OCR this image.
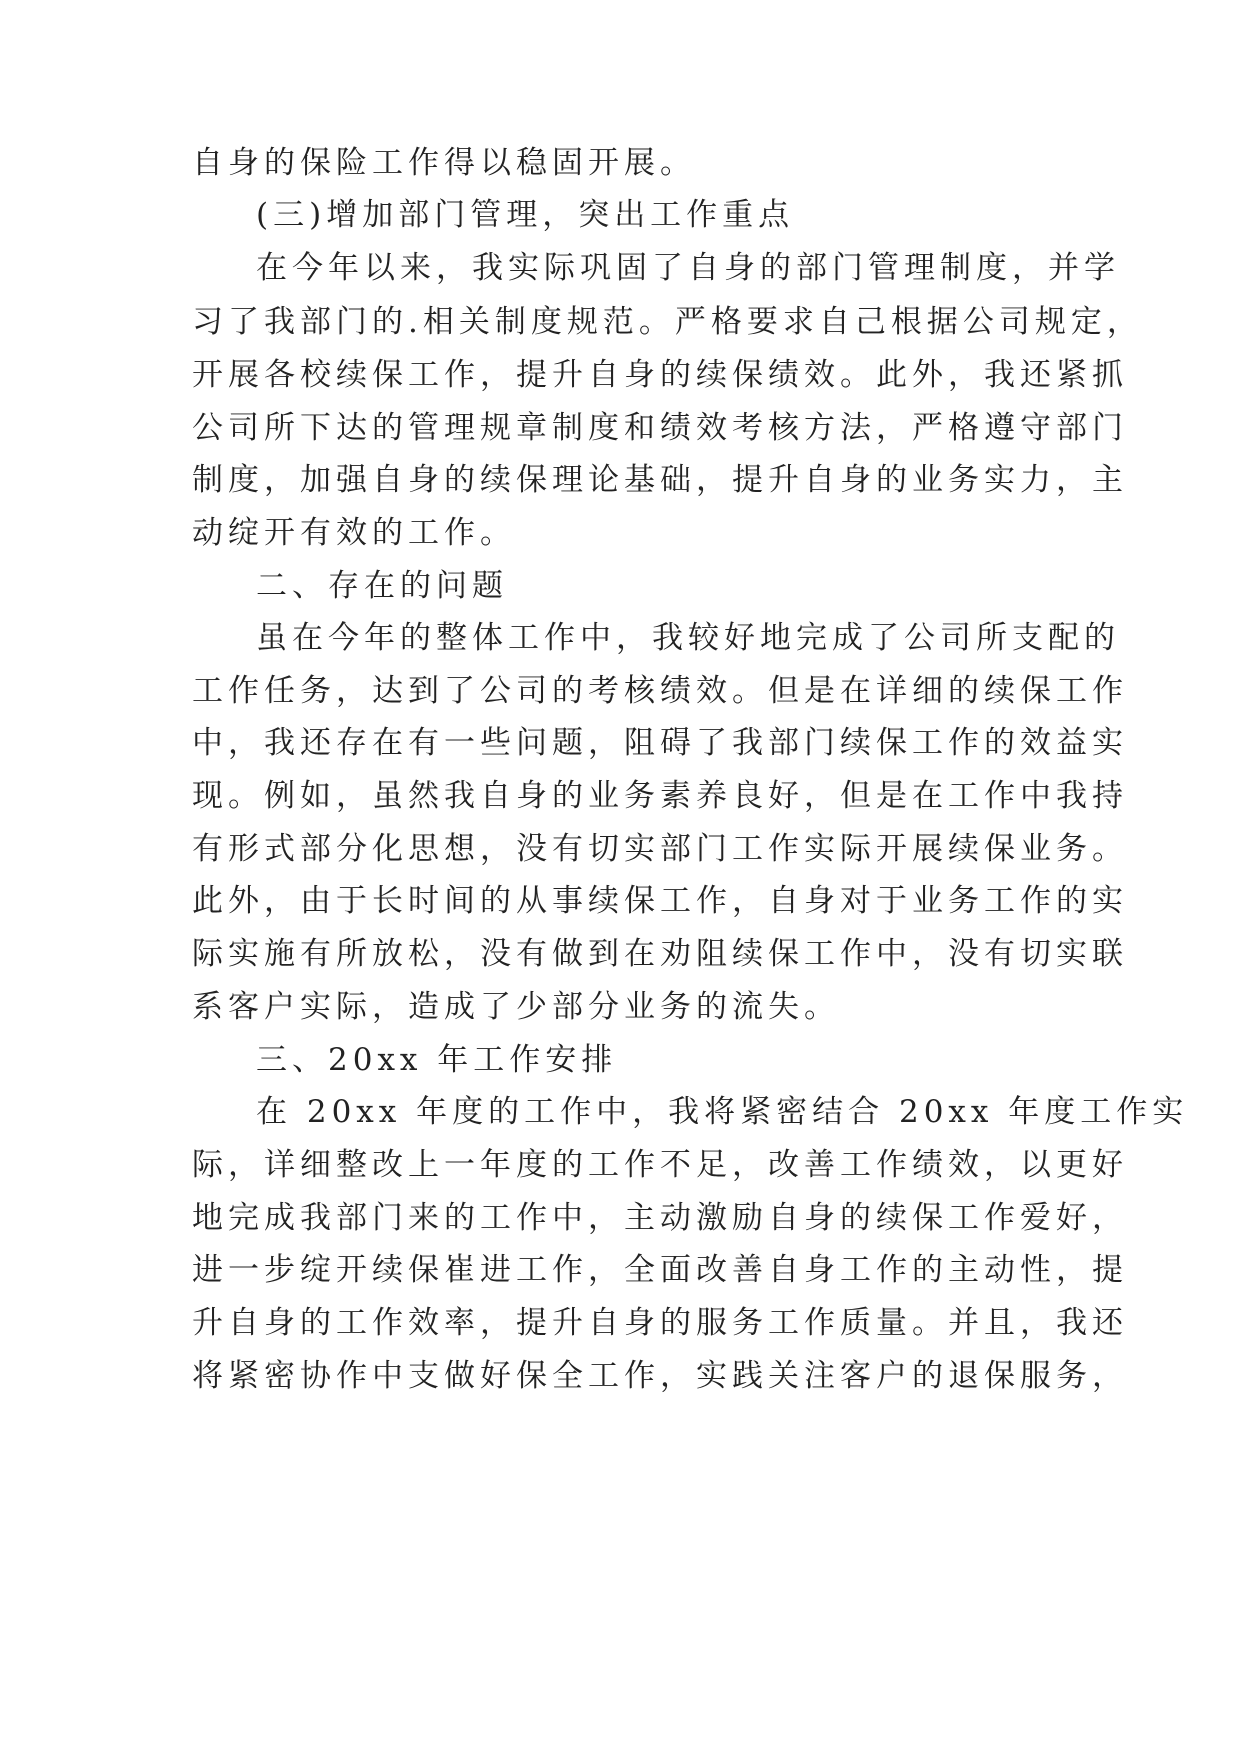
自身的保险工作得以稳固开展。
(三)增加部门管理，突出工作重点
在今年以来，我实际巩固了自身的部门管理制度，并学
习了我部门的.相关制度规范。严格要求自己根据公司规定，
开展各校续保工作，提升自身的续保绩效。此外，我还紧抓
公司所下达的管理规章制度和绩效考核方法，严格遵守部门
制度，加强自身的续保理论基础，提升自身的业务实力，主
动绽开有效的工作。
二、存在的问题
虽在今年的整体工作中，我较好地完成了公司所支配的
工作任务，达到了公司的考核绩效。但是在详细的续保工作
中，我还存在有一些问题，阻碍了我部门续保工作的效益实
现。例如，虽然我自身的业务素养良好，但是在工作中我持
有形式部分化思想，没有切实部门工作实际开展续保业务。
此外，由于长时间的从事续保工作，自身对于业务工作的实
际实施有所放松，没有做到在劝阻续保工作中，没有切实联
系客户实际，造成了少部分业务的流失。
三、20xx 年工作安排
在 20xx 年度的工作中，我将紧密结合 20xx 年度工作实
际，详细整改上一年度的工作不足，改善工作绩效，以更好
地完成我部门来的工作中，主动激励自身的续保工作爱好，
进一步绽开续保崔进工作，全面改善自身工作的主动性，提
升自身的工作效率，提升自身的服务工作质量。并且，我还
将紧密协作中支做好保全工作，实践关注客户的退保服务，
